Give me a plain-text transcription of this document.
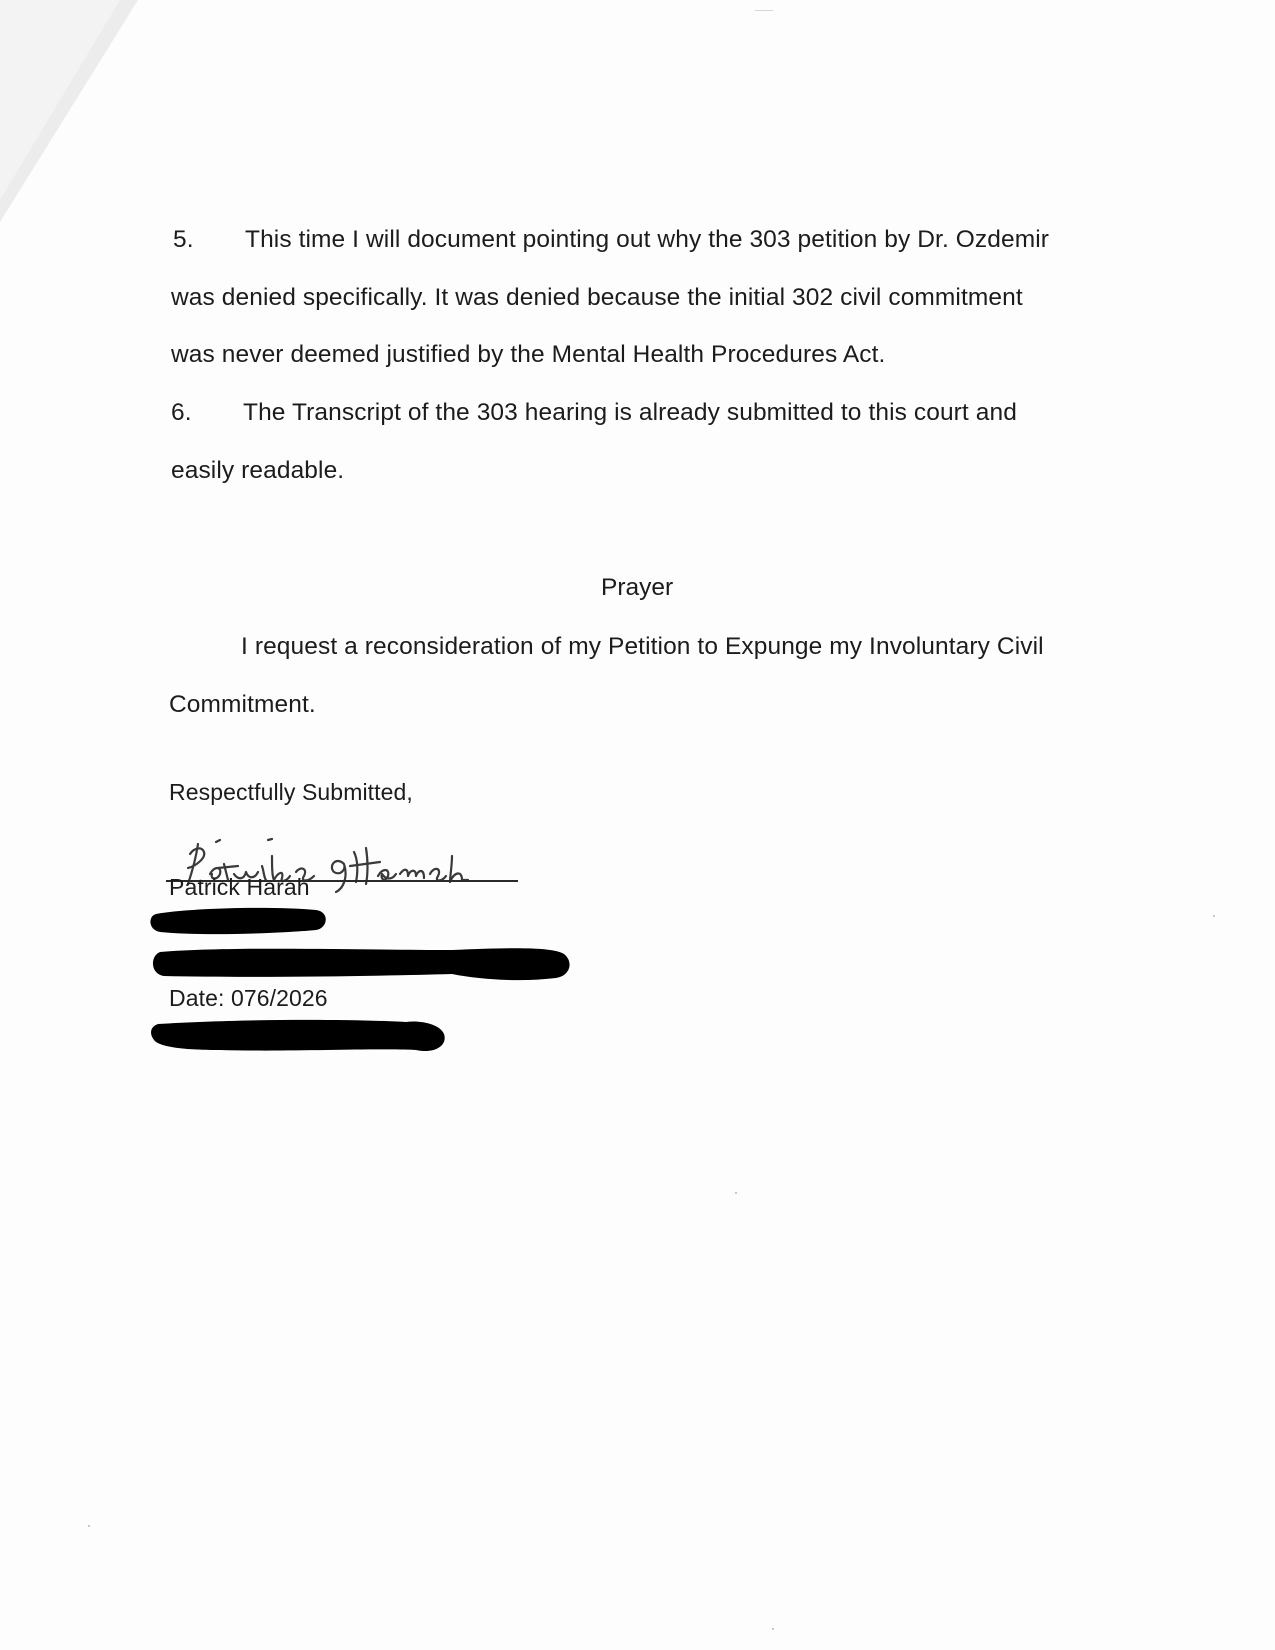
5. This time I will document pointing out why the 303 petition by Dr. Ozdemir
was denied specifically. It was denied because the initial 302 civil commitment
was never deemed justified by the Mental Health Procedures Act.
6. The Transcript of the 303 hearing is already submitted to this court and
easily readable.
Prayer
I request a reconsideration of my Petition to Expunge my Involuntary Civil
Commitment.
Respectfully Submitted,
Patrick Harah
Date: 076/2026
